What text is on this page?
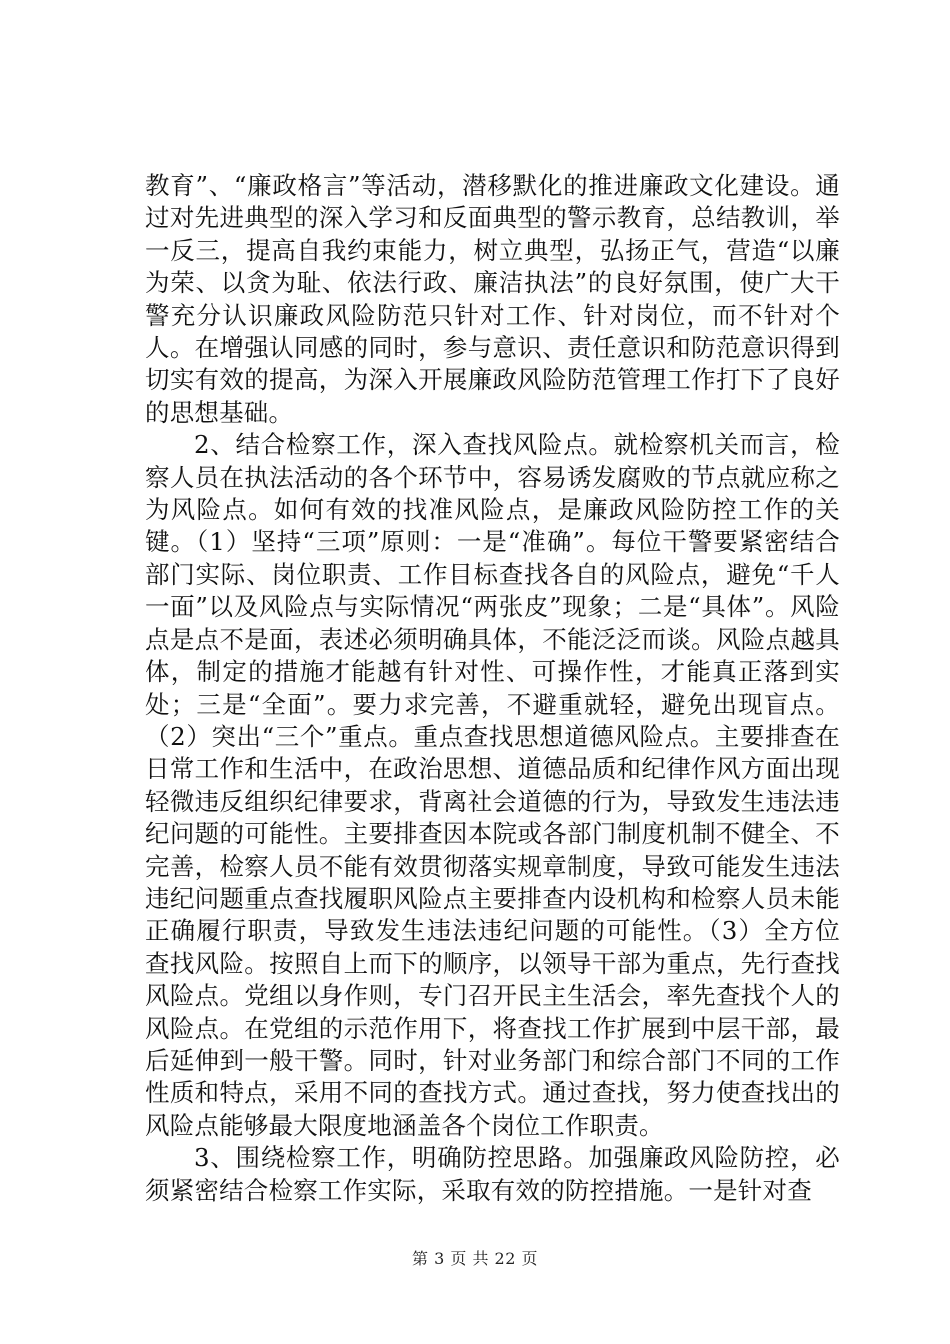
教育”、“廉政格言”等活动，潜移默化的推进廉政文化建设。通过对先进典型的深入学习和反面典型的警示教育，总结教训，举一反三，提高自我约束能力，树立典型，弘扬正气，营造“以廉为荣、以贪为耻、依法行政、廉洁执法”的良好氛围，使广大干警充分认识廉政风险防范只针对工作、针对岗位，而不针对个人。在增强认同感的同时，参与意识、责任意识和防范意识得到切实有效的提高，为深入开展廉政风险防范管理工作打下了良好的思想基础。

2、结合检察工作，深入查找风险点。就检察机关而言，检察人员在执法活动的各个环节中，容易诱发腐败的节点就应称之为风险点。如何有效的找准风险点，是廉政风险防控工作的关键。（1）坚持“三项”原则：一是“准确”。每位干警要紧密结合部门实际、岗位职责、工作目标查找各自的风险点，避免“千人一面”以及风险点与实际情况“两张皮”现象；二是“具体”。风险点是点不是面，表述必须明确具体，不能泛泛而谈。风险点越具体，制定的措施才能越有针对性、可操作性，才能真正落到实处；三是“全面”。要力求完善，不避重就轻，避免出现盲点。（2）突出“三个”重点。重点查找思想道德风险点。主要排查在日常工作和生活中，在政治思想、道德品质和纪律作风方面出现轻微违反组织纪律要求，背离社会道德的行为，导致发生违法违纪问题的可能性。主要排查因本院或各部门制度机制不健全、不完善，检察人员不能有效贯彻落实规章制度，导致可能发生违法违纪问题重点查找履职风险点主要排查内设机构和检察人员未能正确履行职责，导致发生违法违纪问题的可能性。（3）全方位查找风险。按照自上而下的顺序，以领导干部为重点，先行查找风险点。党组以身作则，专门召开民主生活会，率先查找个人的风险点。在党组的示范作用下，将查找工作扩展到中层干部，最后延伸到一般干警。同时，针对业务部门和综合部门不同的工作性质和特点，采用不同的查找方式。通过查找，努力使查找出的风险点能够最大限度地涵盖各个岗位工作职责。

3、围绕检察工作，明确防控思路。加强廉政风险防控，必须紧密结合检察工作实际，采取有效的防控措施。一是针对查

第 3 页 共 22 页
